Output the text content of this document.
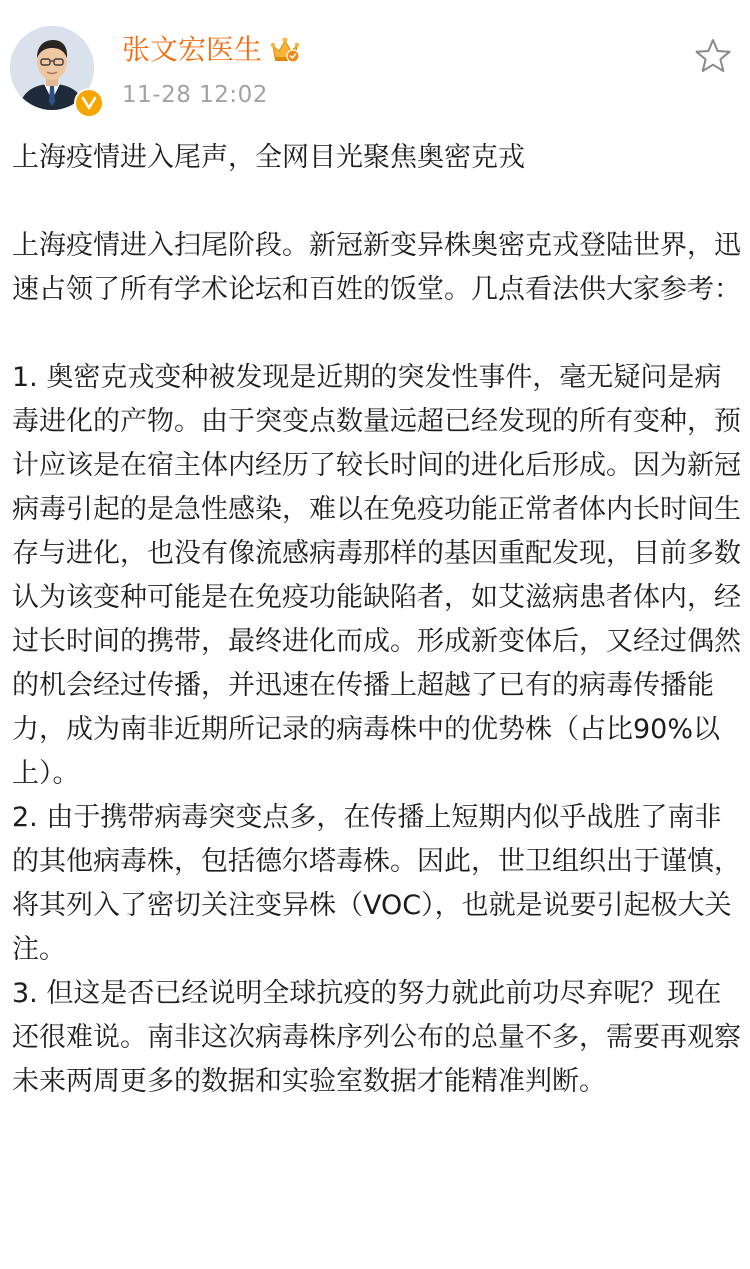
张文宏医生
11-28 12:02

上海疫情进入尾声，全网目光聚焦奥密克戎

上海疫情进入扫尾阶段。新冠新变异株奥密克戎登陆世界，迅速占领了所有学术论坛和百姓的饭堂。几点看法供大家参考：

1. 奥密克戎变种被发现是近期的突发性事件，毫无疑问是病毒进化的产物。由于突变点数量远超已经发现的所有变种，预计应该是在宿主体内经历了较长时间的进化后形成。因为新冠病毒引起的是急性感染，难以在免疫功能正常者体内长时间生存与进化，也没有像流感病毒那样的基因重配发现，目前多数认为该变种可能是在免疫功能缺陷者，如艾滋病患者体内，经过长时间的携带，最终进化而成。形成新变体后，又经过偶然的机会经过传播，并迅速在传播上超越了已有的病毒传播能力，成为南非近期所记录的病毒株中的优势株（占比90%以上）。

2. 由于携带病毒突变点多，在传播上短期内似乎战胜了南非的其他病毒株，包括德尔塔毒株。因此，世卫组织出于谨慎，将其列入了密切关注变异株（VOC），也就是说要引起极大关注。

3. 但这是否已经说明全球抗疫的努力就此前功尽弃呢？现在还很难说。南非这次病毒株序列公布的总量不多，需要再观察未来两周更多的数据和实验室数据才能精准判断。
